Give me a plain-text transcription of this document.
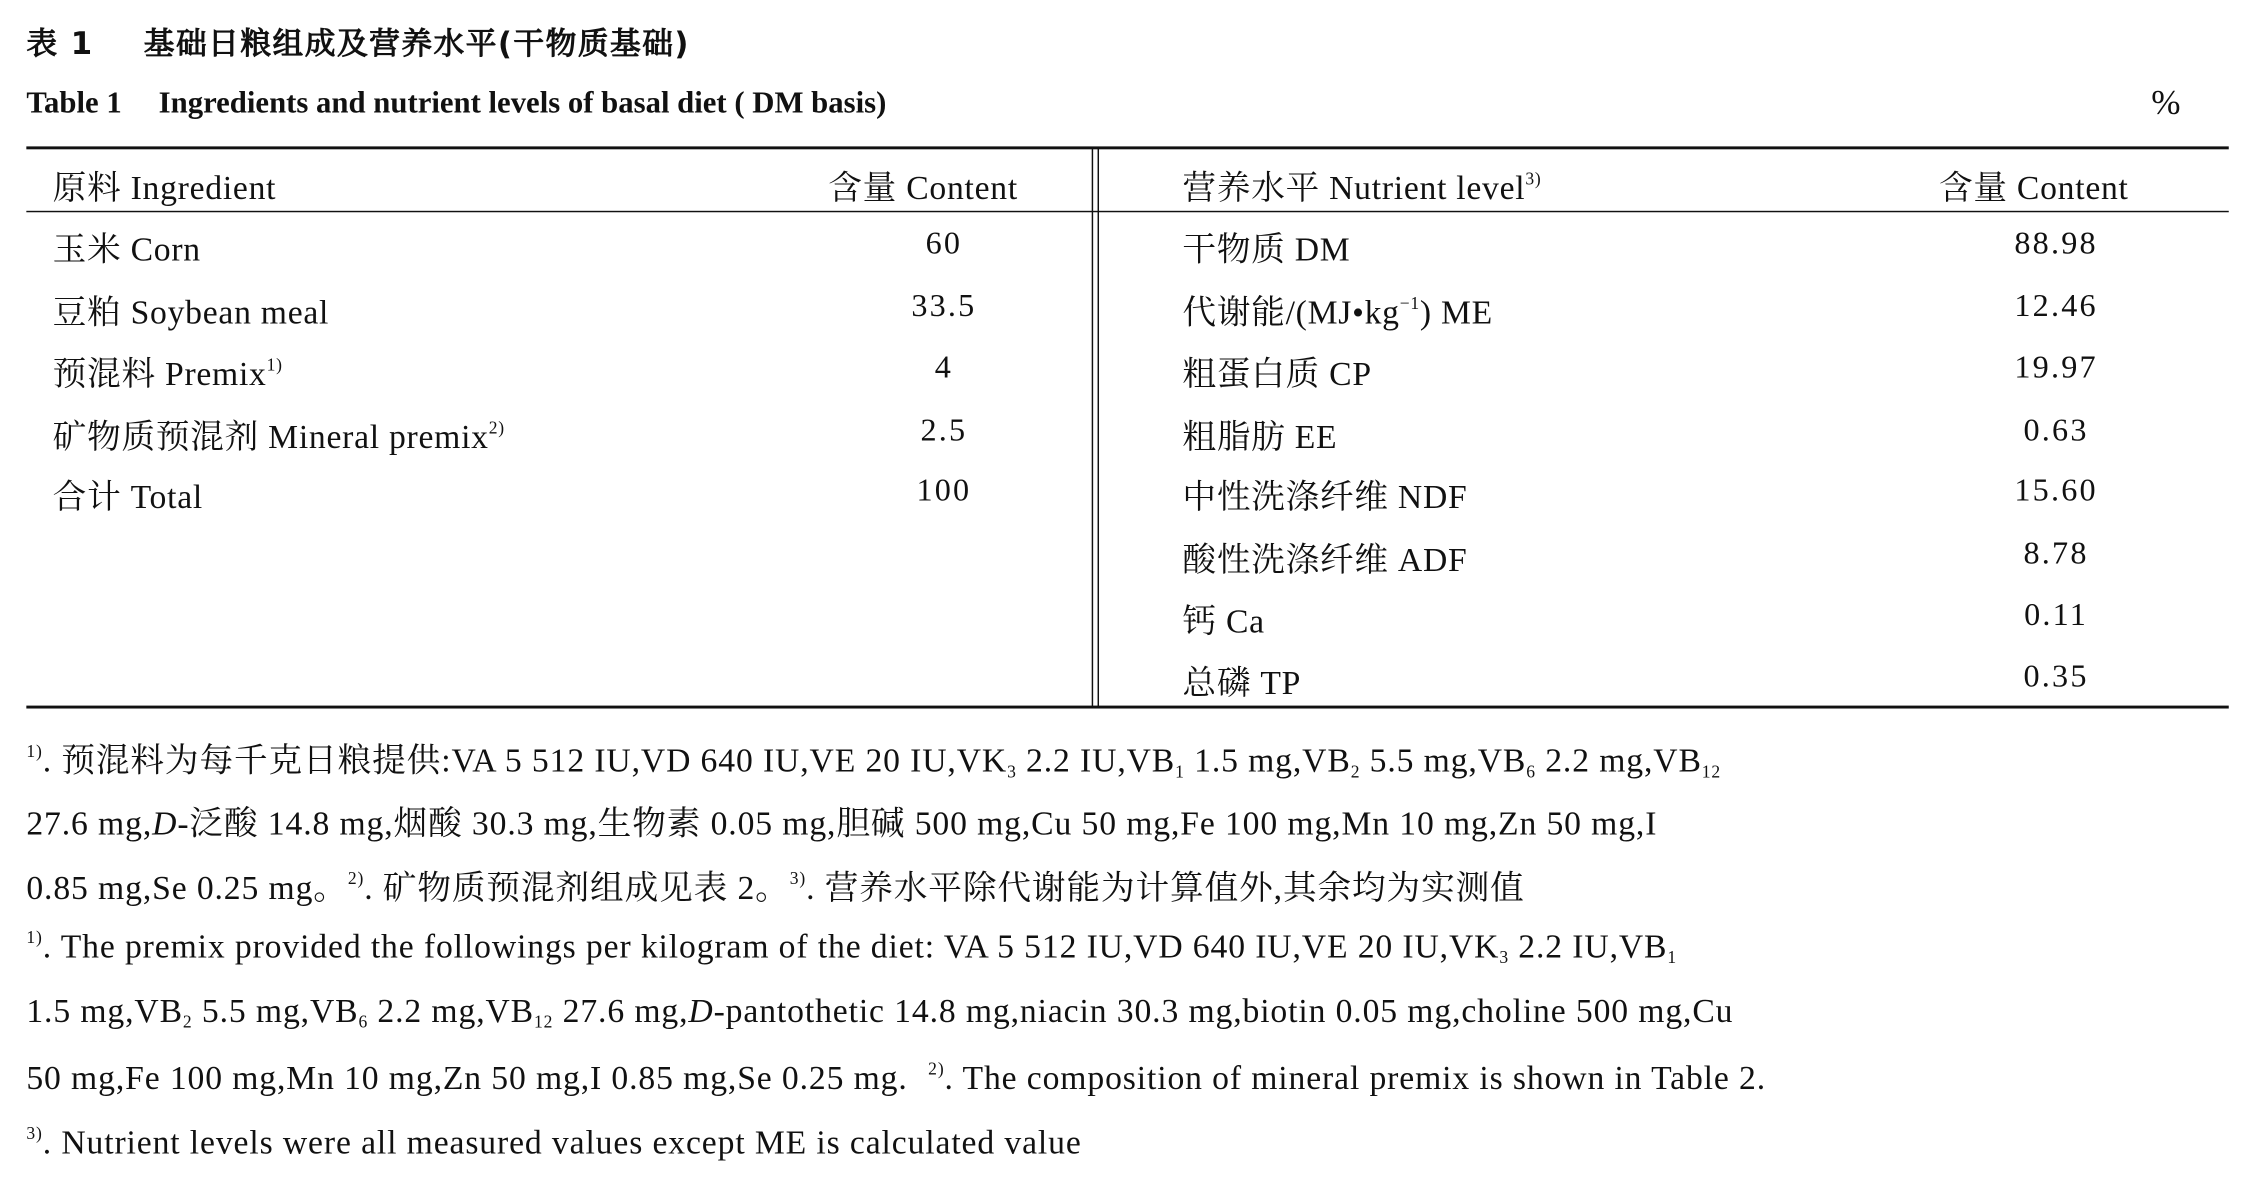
表 1 基础日粮组成及营养水平(干物质基础)
Table 1 Ingredients and nutrient levels of basal diet ( DM basis)	%
原料 Ingredient	含量 Content	营养水平 Nutrient level$^{3)}$	含量 Content
玉米 Corn	60
豆粕 Soybean meal	33.5
预混料 Premix$^{1)}$	4
矿物质预混剂 Mineral premix$^{2)}$	2.5
合计 Total	100
干物质 DM	88.98
代谢能$/(MJ•kg^{-1})$ ME	12.46
粗蛋白质 CP	19.97
粗脂肪 EE	0.63
中性洗涤纤维 NDF	15.60
酸性洗涤纤维 ADF	8.78
钙 Ca	0.11
总磷 TP	0.35
$^{1)}$. 预混料为每千克日粮提供:VA 5 512 IU,VD 640 IU,VE 20 $IU,VK_3$ 2.2 $IU,VB_1$ 1.5 $mg,VB_2$ 5.5 $mg,VB_6$ 2.2 $mg,VB_{12}$
27.6 mg,D-泛酸 14.8 mg,烟酸 30.3 mg,生物素 0.05 mg,胆碱 500 mg,Cu 50 mg,Fe 100 mg,Mn 10 mg,Zn 50 mg,I
0.85 mg,Se 0.25 mg。$^{2)}$. 矿物质预混剂组成见表 2。$^{3)}$. 营养水平除代谢能为计算值外,其余均为实测值
$^{1)}$. The premix provided the followings per kilogram of the diet: VA 5 512 IU,VD 640 IU,VE 20 $IU,VK_3$ 2.2 $IU,VB_1$
1.5 $mg,VB_2$ 5.5 $mg,VB_6$ 2.2 $mg,VB_{12}$ 27.6 mg,D-pantothetic 14.8 mg,niacin 30.3 mg,biotin 0.05 mg,choline 500 mg,Cu
50 mg,Fe 100 mg,Mn 10 mg,Zn 50 mg,I 0.85 mg,Se 0.25 mg. $^{2)}$. The composition of mineral premix is shown in Table 2.
$^{3)}$. Nutrient levels were all measured values except ME is calculated value
